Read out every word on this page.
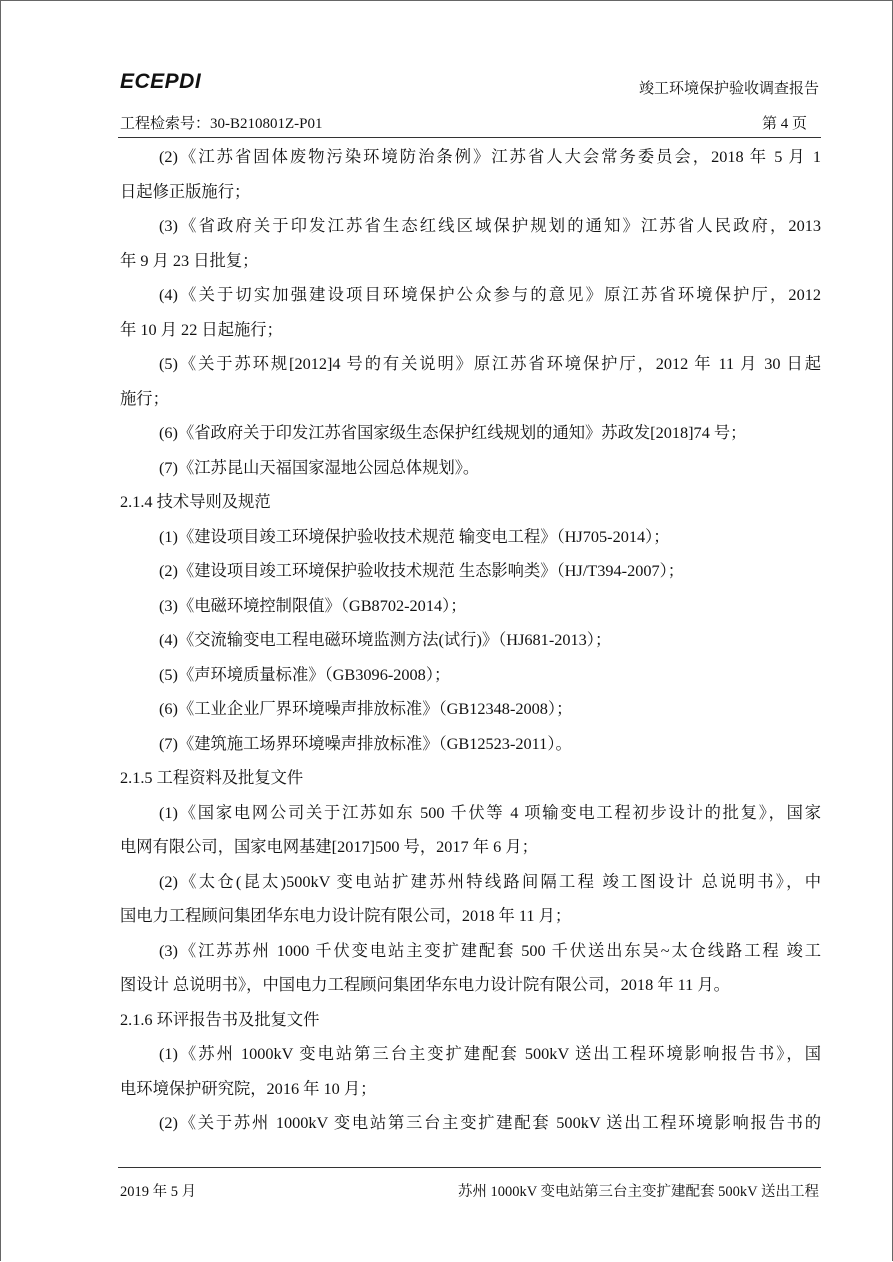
ECEPDI	竣工环境保护验收调查报告
工程检索号：30-B210801Z-P01	第 4 页
(2)《江苏省固体废物污染环境防治条例》江苏省人大会常务委员会，2018 年 5 月 1
日起修正版施行；
(3)《省政府关于印发江苏省生态红线区域保护规划的通知》江苏省人民政府，2013
年 9 月 23 日批复；
(4)《关于切实加强建设项目环境保护公众参与的意见》原江苏省环境保护厅，2012
年 10 月 22 日起施行；
(5)《关于苏环规[2012]4 号的有关说明》原江苏省环境保护厅，2012 年 11 月 30 日起
施行；
(6)《省政府关于印发江苏省国家级生态保护红线规划的通知》苏政发[2018]74 号；
(7)《江苏昆山天福国家湿地公园总体规划》。
2.1.4 技术导则及规范
(1)《建设项目竣工环境保护验收技术规范 输变电工程》（HJ705-2014）；
(2)《建设项目竣工环境保护验收技术规范 生态影响类》（HJ/T394-2007）；
(3)《电磁环境控制限值》（GB8702-2014）；
(4)《交流输变电工程电磁环境监测方法(试行)》（HJ681-2013）；
(5)《声环境质量标准》（GB3096-2008）；
(6)《工业企业厂界环境噪声排放标准》（GB12348-2008）；
(7)《建筑施工场界环境噪声排放标准》（GB12523-2011）。
2.1.5 工程资料及批复文件
(1)《国家电网公司关于江苏如东 500 千伏等 4 项输变电工程初步设计的批复》，国家
电网有限公司，国家电网基建[2017]500 号，2017 年 6 月；
(2)《太仓(昆太)500kV 变电站扩建苏州特线路间隔工程 竣工图设计 总说明书》，中
国电力工程顾问集团华东电力设计院有限公司，2018 年 11 月；
(3)《江苏苏州 1000 千伏变电站主变扩建配套 500 千伏送出东吴~太仓线路工程 竣工
图设计 总说明书》，中国电力工程顾问集团华东电力设计院有限公司，2018 年 11 月。
2.1.6 环评报告书及批复文件
(1)《苏州 1000kV 变电站第三台主变扩建配套 500kV 送出工程环境影响报告书》，国
电环境保护研究院，2016 年 10 月；
(2)《关于苏州 1000kV 变电站第三台主变扩建配套 500kV 送出工程环境影响报告书的
2019 年 5 月	苏州 1000kV 变电站第三台主变扩建配套 500kV 送出工程
